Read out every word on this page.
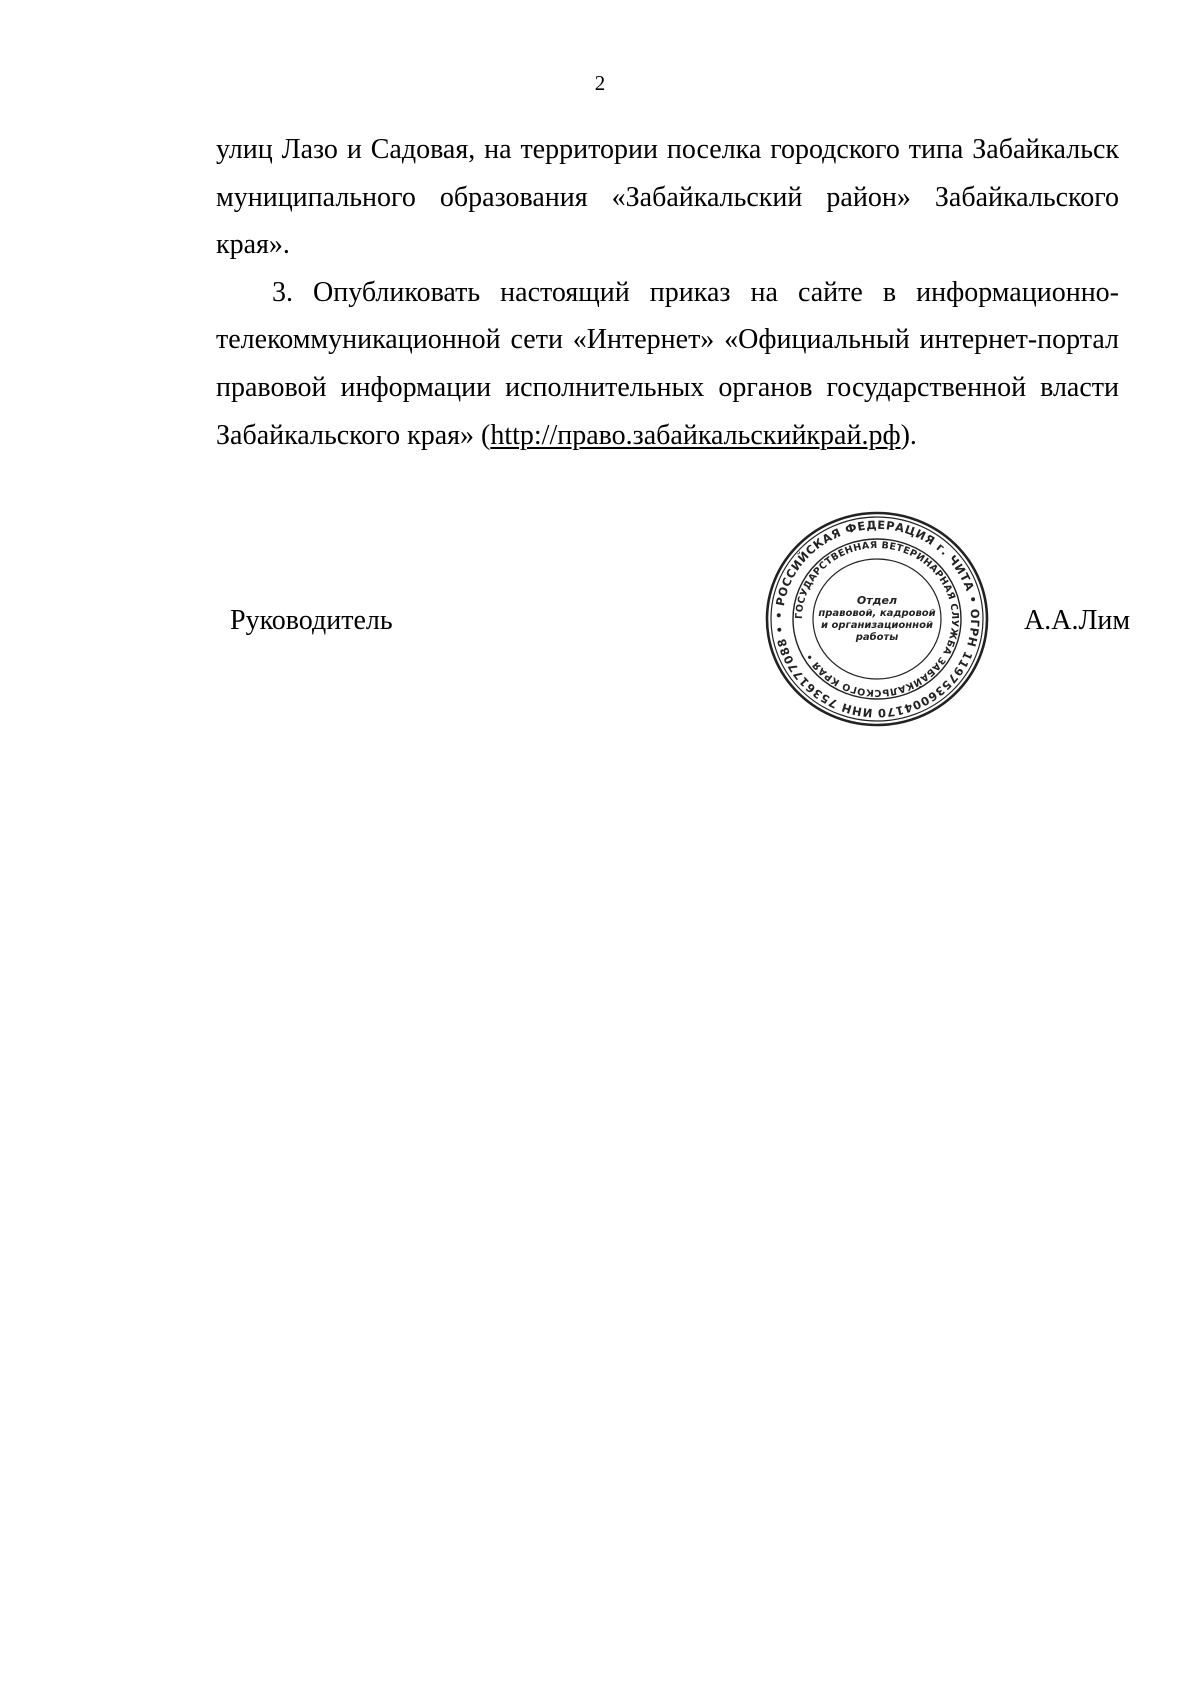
2

улиц Лазо и Садовая, на территории поселка городского типа Забайкальск муниципального образования «Забайкальский район» Забайкальского края».

3. Опубликовать настоящий приказ на сайте в информационно-телекоммуникационной сети «Интернет» «Официальный интернет-портал правовой информации исполнительных органов государственной власти Забайкальского края» (http://право.забайкальскийкрай.рф).

Руководитель	• РОССИЙСКАЯ ФЕДЕРАЦИЯ г. ЧИТА • ОГРН 1197536004170 ИНН 7536177088 •
ГОСУДАРСТВЕННАЯ ВЕТЕРИНАРНАЯ СЛУЖБА ЗАБАЙКАЛЬСКОГО КРАЯ •
Отдел
правовой, кадровой
и организационной
работы
А.А.Лим
